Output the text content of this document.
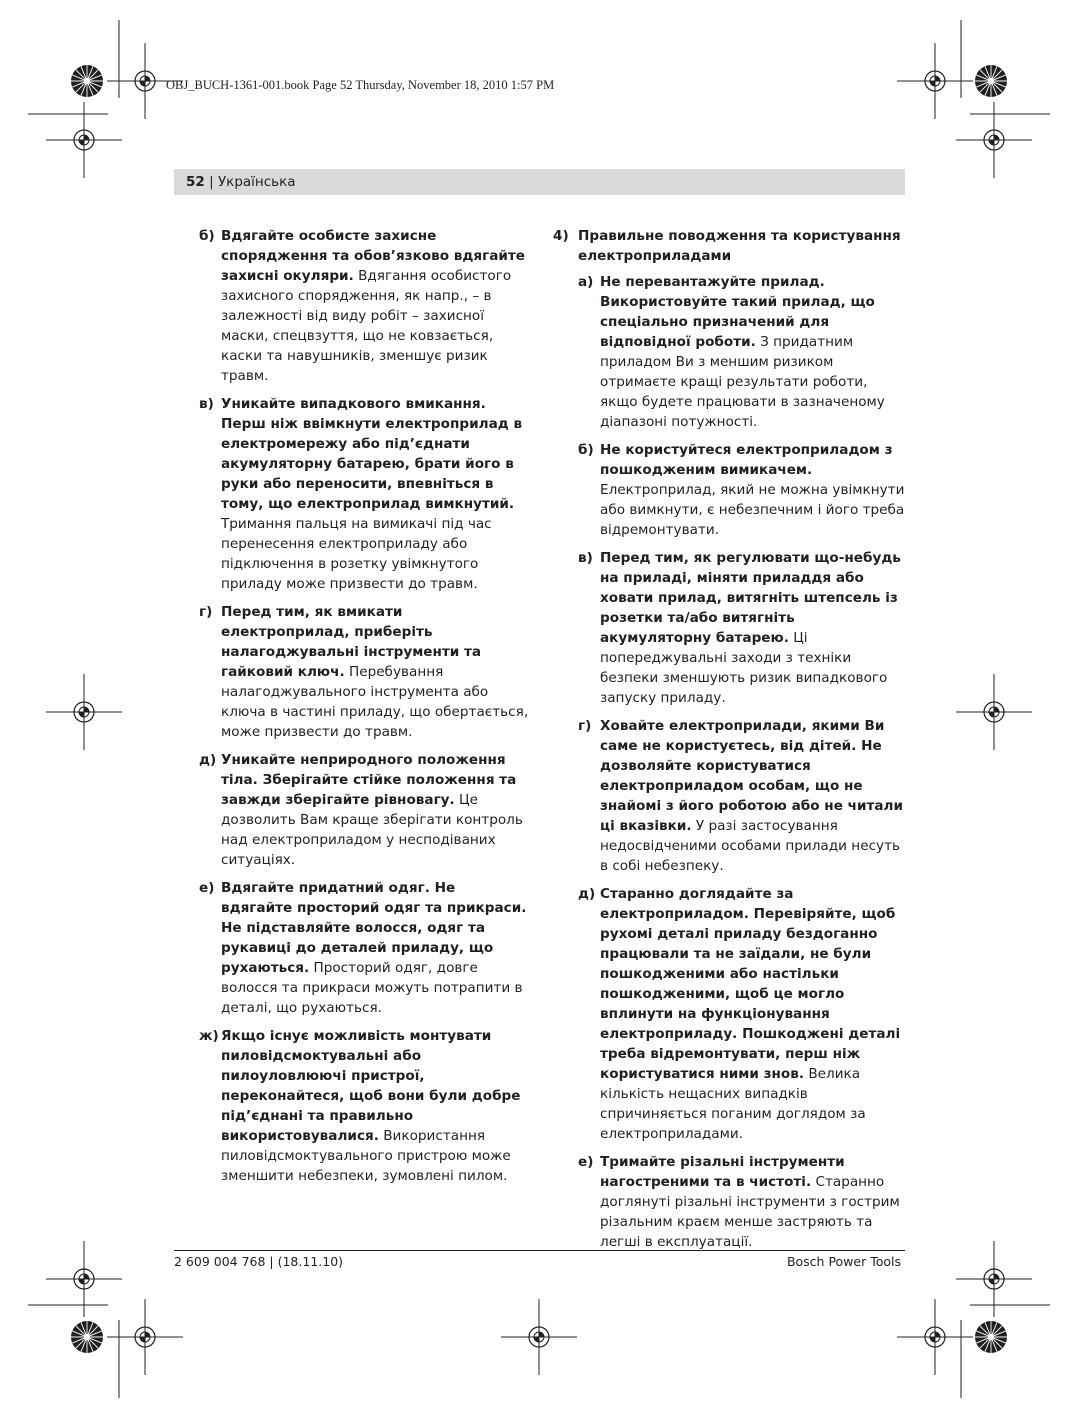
OBJ_BUCH-1361-001.book Page 52 Thursday, November 18, 2010 1:57 PM
52 | Українська
б) Вдягайте особисте захисне спорядження та обов’язково вдягайте захисні окуляри. Вдягання особистого захисного спорядження, як напр., – в залежності від виду робіт – захисної маски, спецвзуття, що не ковзається, каски та навушників, зменшує ризик травм.
в) Уникайте випадкового вмикання. Перш ніж ввімкнути електроприлад в електромережу або під’єднати акумуляторну батарею, брати його в руки або переносити, впевніться в тому, що електроприлад вимкнутий. Тримання пальця на вимикачі під час перенесення електроприладу або підключення в розетку увімкнутого приладу може призвести до травм.
г) Перед тим, як вмикати електроприлад, приберіть налагоджувальні інструменти та гайковий ключ. Перебування налагоджувального інструмента або ключа в частині приладу, що обертається, може призвести до травм.
д) Уникайте неприродного положення тіла. Зберігайте стійке положення та завжди зберігайте рівновагу. Це дозволить Вам краще зберігати контроль над електроприладом у несподіваних ситуаціях.
е) Вдягайте придатний одяг. Не вдягайте просторий одяг та прикраси. Не підставляйте волосся, одяг та рукавиці до деталей приладу, що рухаються. Просторий одяг, довге волосся та прикраси можуть потрапити в деталі, що рухаються.
ж) Якщо існує можливість монтувати пиловідсмоктувальні або пилоуловлюючі пристрої, переконайтеся, щоб вони були добре під’єднані та правильно використовувалися. Використання пиловідсмоктувального пристрою може зменшити небезпеки, зумовлені пилом.
4) Правильне поводження та користування електроприладами
а) Не перевантажуйте прилад. Використовуйте такий прилад, що спеціально призначений для відповідної роботи. З придатним приладом Ви з меншим ризиком отримаєте кращі результати роботи, якщо будете працювати в зазначеному діапазоні потужності.
б) Не користуйтеся електроприладом з пошкодженим вимикачем. Електроприлад, який не можна увімкнути або вимкнути, є небезпечним і його треба відремонтувати.
в) Перед тим, як регулювати що-небудь на приладі, міняти приладдя або ховати прилад, витягніть штепсель із розетки та/або витягніть акумуляторну батарею. Ці попереджувальні заходи з техніки безпеки зменшують ризик випадкового запуску приладу.
г) Ховайте електроприлади, якими Ви саме не користуєтесь, від дітей. Не дозволяйте користуватися електроприладом особам, що не знайомі з його роботою або не читали ці вказівки. У разі застосування недосвідченими особами прилади несуть в собі небезпеку.
д) Старанно доглядайте за електроприладом. Перевіряйте, щоб рухомі деталі приладу бездоганно працювали та не заїдали, не були пошкодженими або настільки пошкодженими, щоб це могло вплинути на функціонування електроприладу. Пошкоджені деталі треба відремонтувати, перш ніж користуватися ними знов. Велика кількість нещасних випадків спричиняється поганим доглядом за електроприладами.
е) Тримайте різальні інструменти нагостреними та в чистоті. Старанно доглянуті різальні інструменти з гострим різальним краєм менше застряють та легші в експлуатації.
2 609 004 768 | (18.11.10)	Bosch Power Tools
